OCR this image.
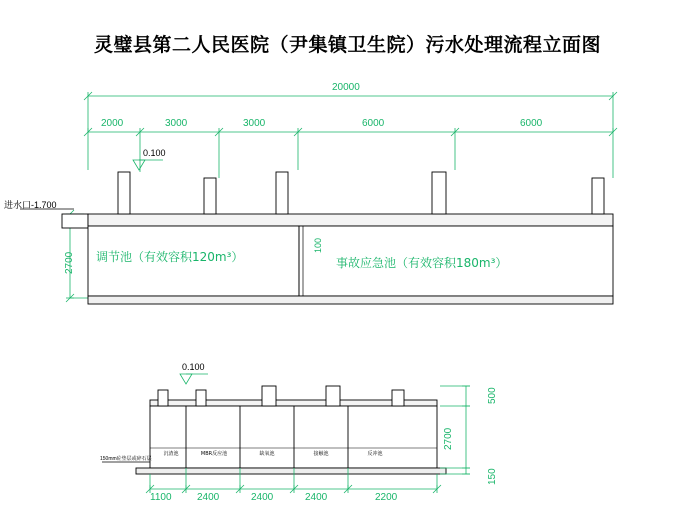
灵璧县第二人民医院（尹集镇卫生院）污水处理流程立面图
20000
2000	3000	3000	6000	6000
0.100
进水口-1.700
2700
100
调节池（有效容积120m³）	事故应急池（有效容积180m³）
0.100
150mm砼垫层或碎石层
沉渣池	MBR反应池	缺氧池	接触池	反冲池
1100	2400	2400	2400	2200
500
2700
150
